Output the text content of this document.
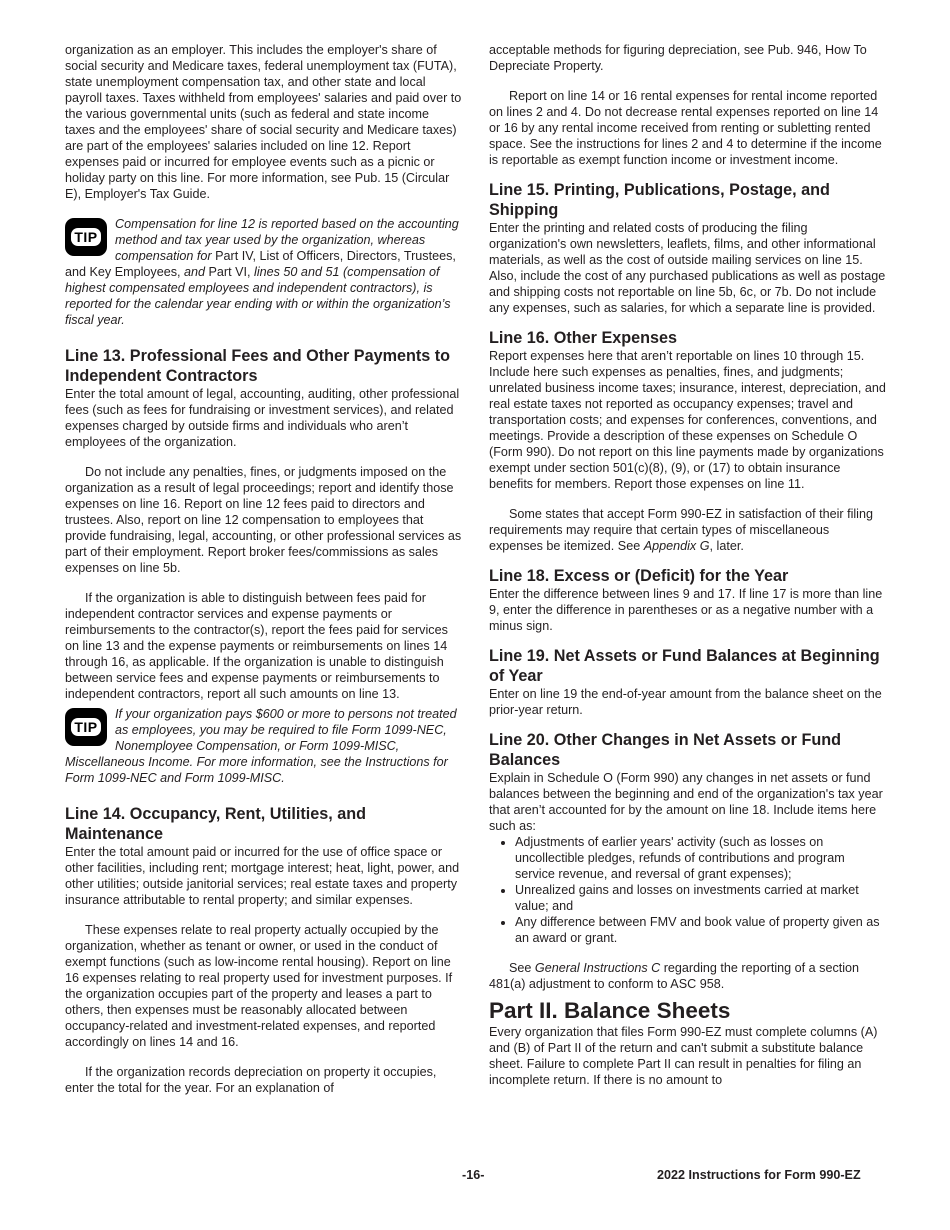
organization as an employer. This includes the employer's share of social security and Medicare taxes, federal unemployment tax (FUTA), state unemployment compensation tax, and other state and local payroll taxes. Taxes withheld from employees' salaries and paid over to the various governmental units (such as federal and state income taxes and the employees' share of social security and Medicare taxes) are part of the employees' salaries included on line 12. Report expenses paid or incurred for employee events such as a picnic or holiday party on this line. For more information, see Pub. 15 (Circular E), Employer's Tax Guide.

TIP
Compensation for line 12 is reported based on the accounting method and tax year used by the organization, whereas compensation for Part IV, List of Officers, Directors, Trustees, and Key Employees, and Part VI, lines 50 and 51 (compensation of highest compensated employees and independent contractors), is reported for the calendar year ending with or within the organization’s fiscal year.
Line 13. Professional Fees and Other Payments to Independent Contractors

Enter the total amount of legal, accounting, auditing, other professional fees (such as fees for fundraising or investment services), and related expenses charged by outside firms and individuals who aren’t employees of the organization.

Do not include any penalties, fines, or judgments imposed on the organization as a result of legal proceedings; report and identify those expenses on line 16. Report on line 12 fees paid to directors and trustees. Also, report on line 12 compensation to employees that provide fundraising, legal, accounting, or other professional services as part of their employment. Report broker fees/commissions as sales expenses on line 5b.

If the organization is able to distinguish between fees paid for independent contractor services and expense payments or reimbursements to the contractor(s), report the fees paid for services on line 13 and the expense payments or reimbursements on lines 14 through 16, as applicable. If the organization is unable to distinguish between service fees and expense payments or reimbursements to independent contractors, report all such amounts on line 13.

TIP
If your organization pays $600 or more to persons not treated as employees, you may be required to file Form 1099-NEC, Nonemployee Compensation, or Form 1099-MISC, Miscellaneous Income. For more information, see the Instructions for Form 1099-NEC and Form 1099-MISC.
Line 14. Occupancy, Rent, Utilities, and Maintenance

Enter the total amount paid or incurred for the use of office space or other facilities, including rent; mortgage interest; heat, light, power, and other utilities; outside janitorial services; real estate taxes and property insurance attributable to rental property; and similar expenses.

These expenses relate to real property actually occupied by the organization, whether as tenant or owner, or used in the conduct of exempt functions (such as low-income rental housing). Report on line 16 expenses relating to real property used for investment purposes. If the organization occupies part of the property and leases a part to others, then expenses must be reasonably allocated between occupancy-related and investment-related expenses, and reported accordingly on lines 14 and 16.

If the organization records depreciation on property it occupies, enter the total for the year. For an explanation of

acceptable methods for figuring depreciation, see Pub. 946, How To Depreciate Property.

Report on line 14 or 16 rental expenses for rental income reported on lines 2 and 4. Do not decrease rental expenses reported on line 14 or 16 by any rental income received from renting or subletting rented space. See the instructions for lines 2 and 4 to determine if the income is reportable as exempt function income or investment income.

Line 15. Printing, Publications, Postage, and Shipping

Enter the printing and related costs of producing the filing organization's own newsletters, leaflets, films, and other informational materials, as well as the cost of outside mailing services on line 15. Also, include the cost of any purchased publications as well as postage and shipping costs not reportable on line 5b, 6c, or 7b. Do not include any expenses, such as salaries, for which a separate line is provided.

Line 16. Other Expenses

Report expenses here that aren’t reportable on lines 10 through 15. Include here such expenses as penalties, fines, and judgments; unrelated business income taxes; insurance, interest, depreciation, and real estate taxes not reported as occupancy expenses; travel and transportation costs; and expenses for conferences, conventions, and meetings. Provide a description of these expenses on Schedule O (Form 990). Do not report on this line payments made by organizations exempt under section 501(c)(8), (9), or (17) to obtain insurance benefits for members. Report those expenses on line 11.

Some states that accept Form 990-EZ in satisfaction of their filing requirements may require that certain types of miscellaneous expenses be itemized. See Appendix G, later.

Line 18. Excess or (Deficit) for the Year

Enter the difference between lines 9 and 17. If line 17 is more than line 9, enter the difference in parentheses or as a negative number with a minus sign.

Line 19. Net Assets or Fund Balances at Beginning of Year

Enter on line 19 the end-of-year amount from the balance sheet on the prior-year return.

Line 20. Other Changes in Net Assets or Fund Balances

Explain in Schedule O (Form 990) any changes in net assets or fund balances between the beginning and end of the organization's tax year that aren’t accounted for by the amount on line 18. Include items here such as:

• Adjustments of earlier years' activity (such as losses on uncollectible pledges, refunds of contributions and program service revenue, and reversal of grant expenses);
• Unrealized gains and losses on investments carried at market value; and
• Any difference between FMV and book value of property given as an award or grant.

See General Instructions C regarding the reporting of a section 481(a) adjustment to conform to ASC 958.

Part II. Balance Sheets

Every organization that files Form 990-EZ must complete columns (A) and (B) of Part II of the return and can't submit a substitute balance sheet. Failure to complete Part II can result in penalties for filing an incomplete return. If there is no amount to

-16-	2022 Instructions for Form 990-EZ
